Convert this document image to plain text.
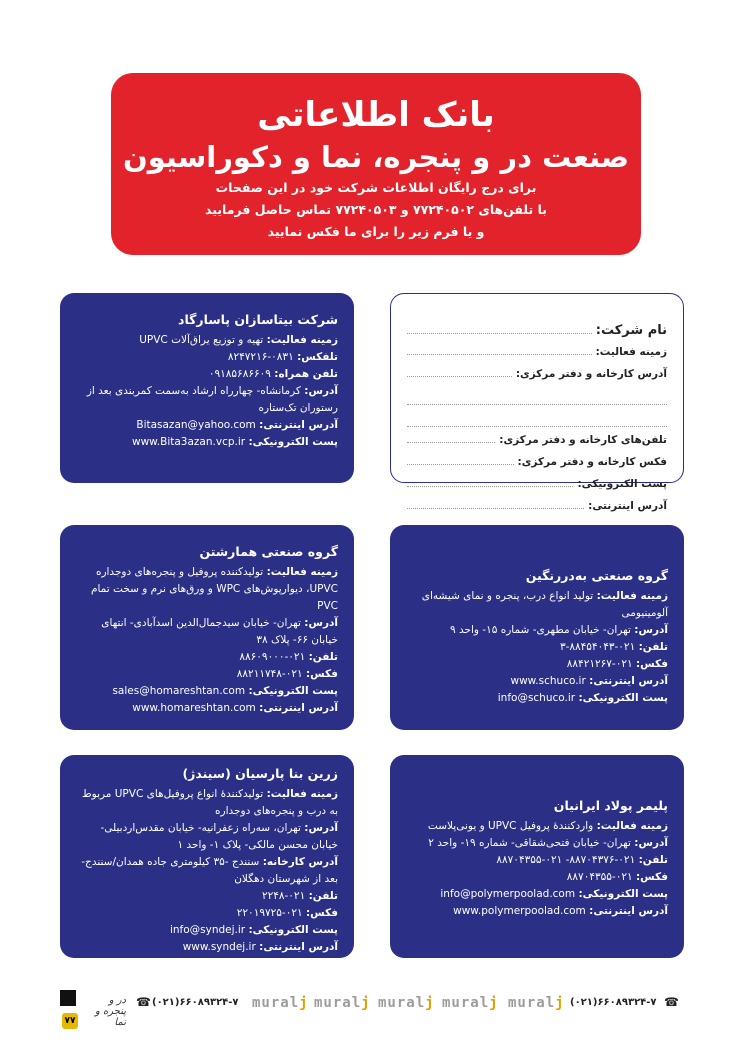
بانک اطلاعاتی
صنعت در و پنجره، نما و دکوراسیون
برای درج رایگان اطلاعات شرکت خود در این صفحات
با تلفن‌های ۷۷۲۴۰۵۰۲ و ۷۷۲۴۰۵۰۳ تماس حاصل فرمایید
و یا فرم زیر را برای ما فکس نمایید
نام شرکت:
زمینه فعالیت:
آدرس کارخانه و دفتر مرکزی:
تلفن‌های کارخانه و دفتر مرکزی:
فکس کارخانه و دفتر مرکزی:
پست الکترونیکی:
آدرس اینترنتی:
شرکت بیتاسازان پاسارگاد
زمینه فعالیت: تهیه و توزیع یراق‌آلات UPVC
تلفکس: ۰۸۳۱-۸۲۴۷۲۱۶
تلفن همراه: ۰۹۱۸۵۶۸۶۶۰۹
آدرس: کرمانشاه- چهارراه ارشاد به‌سمت کمربندی بعد از رستوران تک‌ستاره
آدرس اینترنتی: Bitasazan@yahoo.com
پست الکترونیکی: www.Bita3azan.vcp.ir
گروه صنعتی همارشتن
زمینه فعالیت: تولیدکننده پروفیل و پنجره‌های دوجداره UPVC، دیوارپوش‌های WPC و ورق‌های نرم و سخت تمام PVC
آدرس: تهران- خیابان سیدجمال‌الدین اسدآبادی- انتهای خیابان ۶۶- پلاک ۳۸
تلفن: ۰۲۱-۸۸۶۰۹۰۰۰
فکس: ۰۲۱-۸۸۲۱۱۷۴۸
پست الکترونیکی: sales@homareshtan.com
آدرس اینترنتی: www.homareshtan.com
گروه صنعتی به‌دررنگین
زمینه فعالیت: تولید انواع درب، پنجره و نمای شیشه‌ای آلومینیومی
آدرس: تهران- خیابان مطهری- شماره ۱۵- واحد ۹
تلفن: ۰۲۱-۸۸۴۵۴۰۴۳-۳
فکس: ۰۲۱-۸۸۴۲۱۲۶۷
آدرس اینترنتی: www.schuco.ir
پست الکترونیکی: info@schuco.ir
زرین بنا پارسیان (سیندژ)
زمینه فعالیت: تولیدکنندهٔ انواع پروفیل‌های UPVC مربوط به درب و پنجره‌های دوجداره
آدرس: تهران، سه‌راه زعفرانیه- خیابان مقدس‌اردبیلی- خیابان محسن مالکی- پلاک ۱- واحد ۱
آدرس کارخانه: سنندج -۳۵ کیلومتری جاده همدان/سنندج-بعد از شهرستان دهگلان
تلفن: ۰۲۱-۲۲۴۸
فکس: ۰۲۱-۲۲۰۱۹۷۲۵
پست الکترونیکی: info@syndej.ir
آدرس اینترنتی: www.syndej.ir
پلیمر پولاد ایرانیان
زمینه فعالیت: واردکنندهٔ پروفیل UPVC و یونی‌پلاست
آدرس: تهران- خیابان فتحی‌شقاقی- شماره ۱۹- واحد ۲
تلفن: ۰۲۱-۸۸۷۰۴۳۷۶- ۰۲۱-۸۸۷۰۴۳۵۵
فکس: ۰۲۱-۸۸۷۰۴۳۵۵
پست الکترونیکی: info@polymerpoolad.com
آدرس اینترنتی: www.polymerpoolad.com
۷۷
در و پنجره و نما
☎ (۰۲۱)۶۶۰۸۹۳۲۴-۷ muralj muralj muralj muralj muralj (۰۲۱)۶۶۰۸۹۳۲۴-۷ ☎
